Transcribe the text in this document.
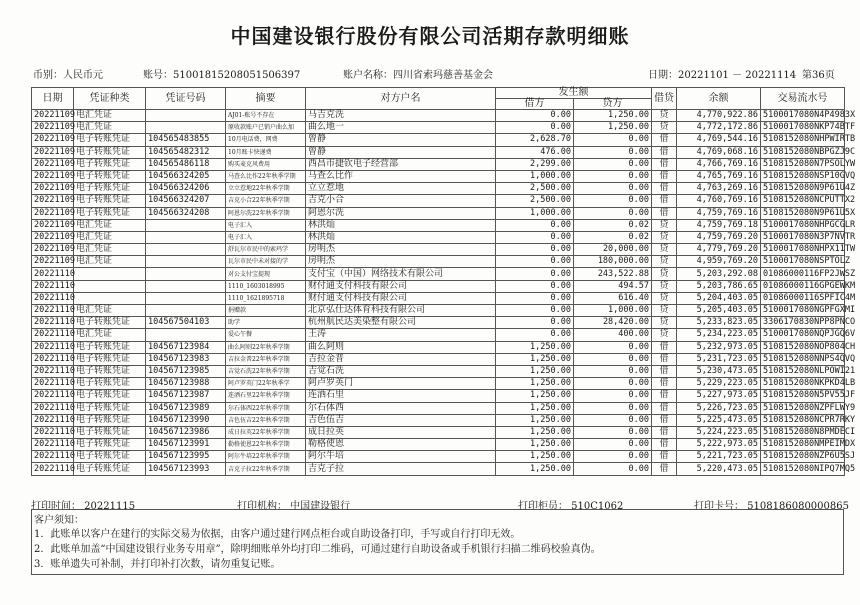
中国建设银行股份有限公司活期存款明细账
币别：人民币元	账号：51001815208051506397	账户名称：四川省索玛慈善基金会	日期：20221101 － 20221114 第36页
日期	凭证种类	凭证号码	摘要	对方户名	发生额		借贷	余额	交易流水号
					借方	贷方			
20221109	电汇凭证		AJ01-账号不存在	马吉克洗	0.00	1,250.00	贷	4,770,922.86	5100017080N4P4983X
20221109	电汇凭证		原收款账户已销户曲么加	曲么地一	0.00	1,250.00	贷	4,772,172.86	5100017080NKP74BTF
20221109	电子转账凭证	104565483855	10月电话费，网费	曾静	2,628.70	0.00	借	4,769,544.16	5108152080NHPWIRTB
20221109	电子转账凭证	104565482312	10月账卡快递费	曾静	476.00	0.00	借	4,769,068.16	5108152080NBPGZJ9C
20221109	电子转账凭证	104565486118	购买麦克风费用	西昌市捷钦电子经营部	2,299.00	0.00	借	4,766,769.16	5108152080N7PSOLYW
20221109	电子转账凭证	104566324205	马查么比作22年秋季学期	马查么比作	1,000.00	0.00	借	4,765,769.16	5108152080NSP10GVQ
20221109	电子转账凭证	104566324206	立立惹地22年秋季学期	立立惹地	2,500.00	0.00	借	4,763,269.16	5108152080N9P61U4Z
20221109	电子转账凭证	104566324207	吉克小合22年秋季学期	吉克小合	2,500.00	0.00	借	4,760,769.16	5108152080NCPUTTX2
20221109	电子转账凭证	104566324208	阿恩尔洗22年秋季学期	阿恩尔洗	1,000.00	0.00	借	4,759,769.16	5108152080N9P61U5X
20221109	电汇凭证		电子汇入	林洪灿	0.00	0.02	贷	4,759,769.18	5100017080NHPGCGLR
20221109	电汇凭证		电子汇入	林洪灿	0.00	0.02	贷	4,759,769.20	5100017080N3P7NVTR
20221109	电汇凭证		舒瓦尔市民中的索玛学	房明杰	0.00	20,000.00	贷	4,779,769.20	5100017080NHPX11TW
20221109	电汇凭证		瓦尔市民中未对接的学	房明杰	0.00	180,000.00	贷	4,959,769.20	5100017080NSPTOLZ
20221110			对公支付宝提现	支付宝（中国）网络技术有限公司	0.00	243,522.88	贷	5,203,292.08	01086000116FP2JWSZ
20221110			1110_1603018995	财付通支付科技有限公司	0.00	494.57	贷	5,203,786.65	01086000116GPGEWKM
20221110			1110_1621895718	财付通支付科技有限公司	0.00	616.40	贷	5,204,403.05	01086000116SPFIC4M
20221110	电汇凭证		捐赠款	北京弘仕达体育科技有限公司	0.00	1,000.00	贷	5,205,403.05	5100017080NGPFGXMI
20221110	电子转账凭证	104567504103	助学	杭州航民达美染整有限公司	0.00	28,420.00	贷	5,233,823.05	3306170830NPP8PNCO
20221110	电汇凭证		爱心午餐	王涛	0.00	400.00	贷	5,234,223.05	5100017080NQPJGQ6V
20221110	电子转账凭证	104567123984	曲么阿则22年秋季学期	曲么阿则	1,250.00	0.00	借	5,232,973.05	5108152080NOP804CH
20221110	电子转账凭证	104567123983	吉拉金普22年秋季学期	吉拉金普	1,250.00	0.00	借	5,231,723.05	5108152080NNPS4QVQ
20221110	电子转账凭证	104567123985	吉觉石洗22年秋季学期	吉觉石洗	1,250.00	0.00	借	5,230,473.05	5108152080NLPOWI21
20221110	电子转账凭证	104567123988	阿卢罗英门22年秋季学	阿卢罗英门	1,250.00	0.00	借	5,229,223.05	5108152080NKPKD4LB
20221110	电子转账凭证	104567123987	连洒石里22年秋季学期	连洒石里	1,250.00	0.00	借	5,227,973.05	5108152080N5PV55JF
20221110	电子转账凭证	104567123989	尔石体西22年秋季学期	尔石体西	1,250.00	0.00	借	5,226,723.05	5108152080NZPFLWY9
20221110	电子转账凭证	104567123990	吉色伍吉22年秋季学期	吉色伍吉	1,250.00	0.00	借	5,225,473.05	5108152080NCPR7RKY
20221110	电子转账凭证	104567123986	成日拉英22年秋季学期	成日拉英	1,250.00	0.00	借	5,224,223.05	5108152080N8PMDECI
20221110	电子转账凭证	104567123991	勒格使恩22年秋季学期	勒格使恩	1,250.00	0.00	借	5,222,973.05	5108152080NMPEIMDX
20221110	电子转账凭证	104567123995	阿尔牛培22年秋季学期	阿尔牛培	1,250.00	0.00	借	5,221,723.05	5108152080NZP6U5SJ
20221110	电子转账凭证	104567123993	吉克子拉22年秋季学期	吉克子拉	1,250.00	0.00	借	5,220,473.05	5108152080NIPQ7MQ5
打印时间： 20221115	打印机构： 中国建设银行	打印柜员： 510C1062	打印卡号： 5108186080000865
客户须知：
1．此账单以客户在建行的实际交易为依据，由客户通过建行网点柜台或自助设备打印，手写或自行打印无效。
2．此账单加盖“中国建设银行业务专用章”，除明细账单外均打印二维码，可通过建行自助设备或手机银行扫描二维码校验真伪。
3．账单遗失可补制，并打印补打次数，请勿重复记账。
